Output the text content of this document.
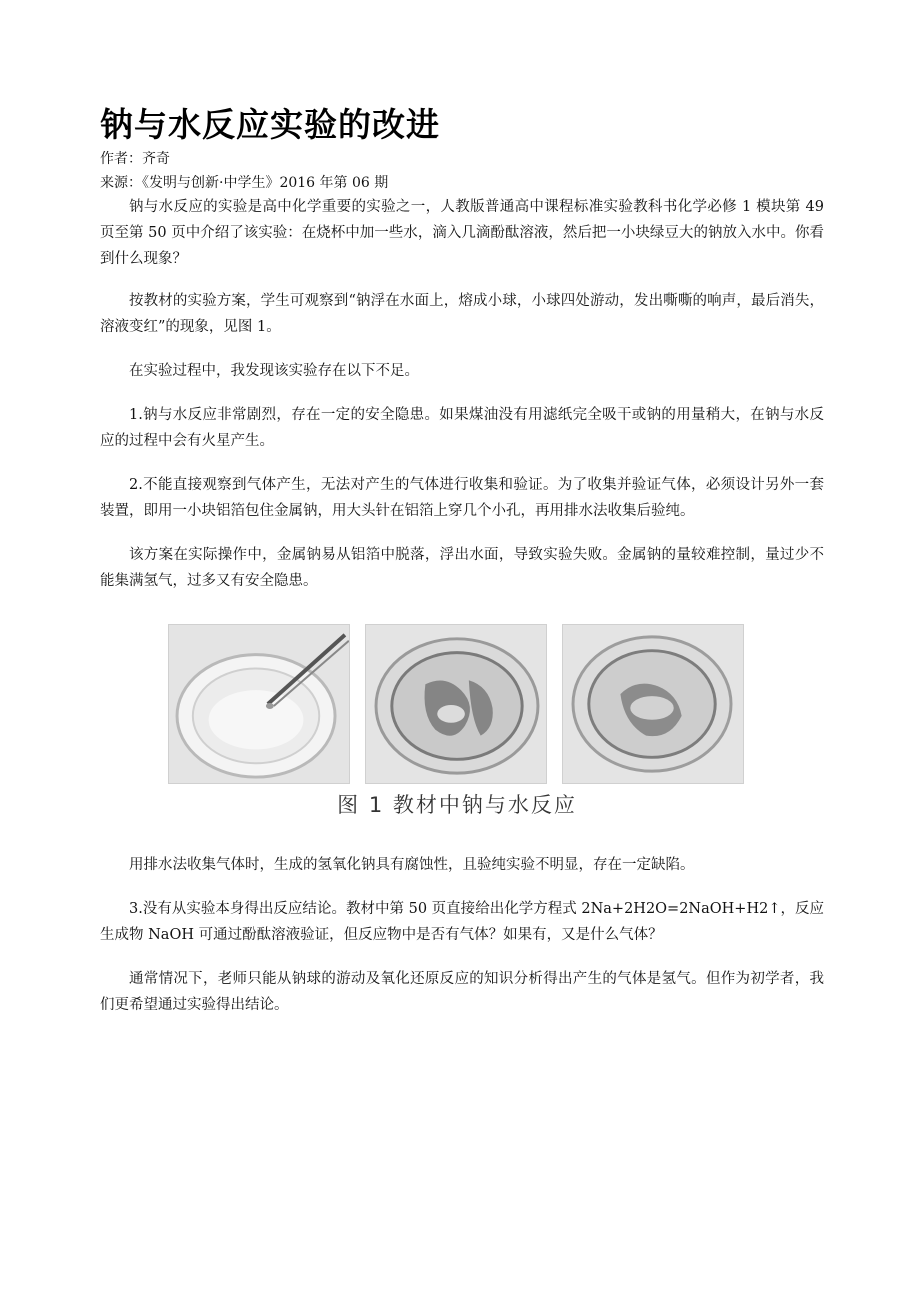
钠与水反应实验的改进

作者：齐奇

来源：《发明与创新·中学生》2016 年第 06 期

钠与水反应的实验是高中化学重要的实验之一，人教版普通高中课程标准实验教科书化学必修 1 模块第 49 页至第 50 页中介绍了该实验：在烧杯中加一些水，滴入几滴酚酞溶液，然后把一小块绿豆大的钠放入水中。你看到什么现象？

按教材的实验方案，学生可观察到“钠浮在水面上，熔成小球，小球四处游动，发出嘶嘶的响声，最后消失，溶液变红”的现象，见图 1。

在实验过程中，我发现该实验存在以下不足。

1.钠与水反应非常剧烈，存在一定的安全隐患。如果煤油没有用滤纸完全吸干或钠的用量稍大，在钠与水反应的过程中会有火星产生。

2.不能直接观察到气体产生，无法对产生的气体进行收集和验证。为了收集并验证气体，必须设计另外一套装置，即用一小块铝箔包住金属钠，用大头针在铝箔上穿几个小孔，再用排水法收集后验纯。

该方案在实际操作中，金属钠易从铝箔中脱落，浮出水面，导致实验失败。金属钠的量较难控制，量过少不能集满氢气，过多又有安全隐患。

图 1 教材中钠与水反应

用排水法收集气体时，生成的氢氧化钠具有腐蚀性，且验纯实验不明显，存在一定缺陷。

3.没有从实验本身得出反应结论。教材中第 50 页直接给出化学方程式 2Na+2H2O=2NaOH+H2↑，反应生成物 NaOH 可通过酚酞溶液验证，但反应物中是否有气体？如果有，又是什么气体？

通常情况下，老师只能从钠球的游动及氧化还原反应的知识分析得出产生的气体是氢气。但作为初学者，我们更希望通过实验得出结论。
